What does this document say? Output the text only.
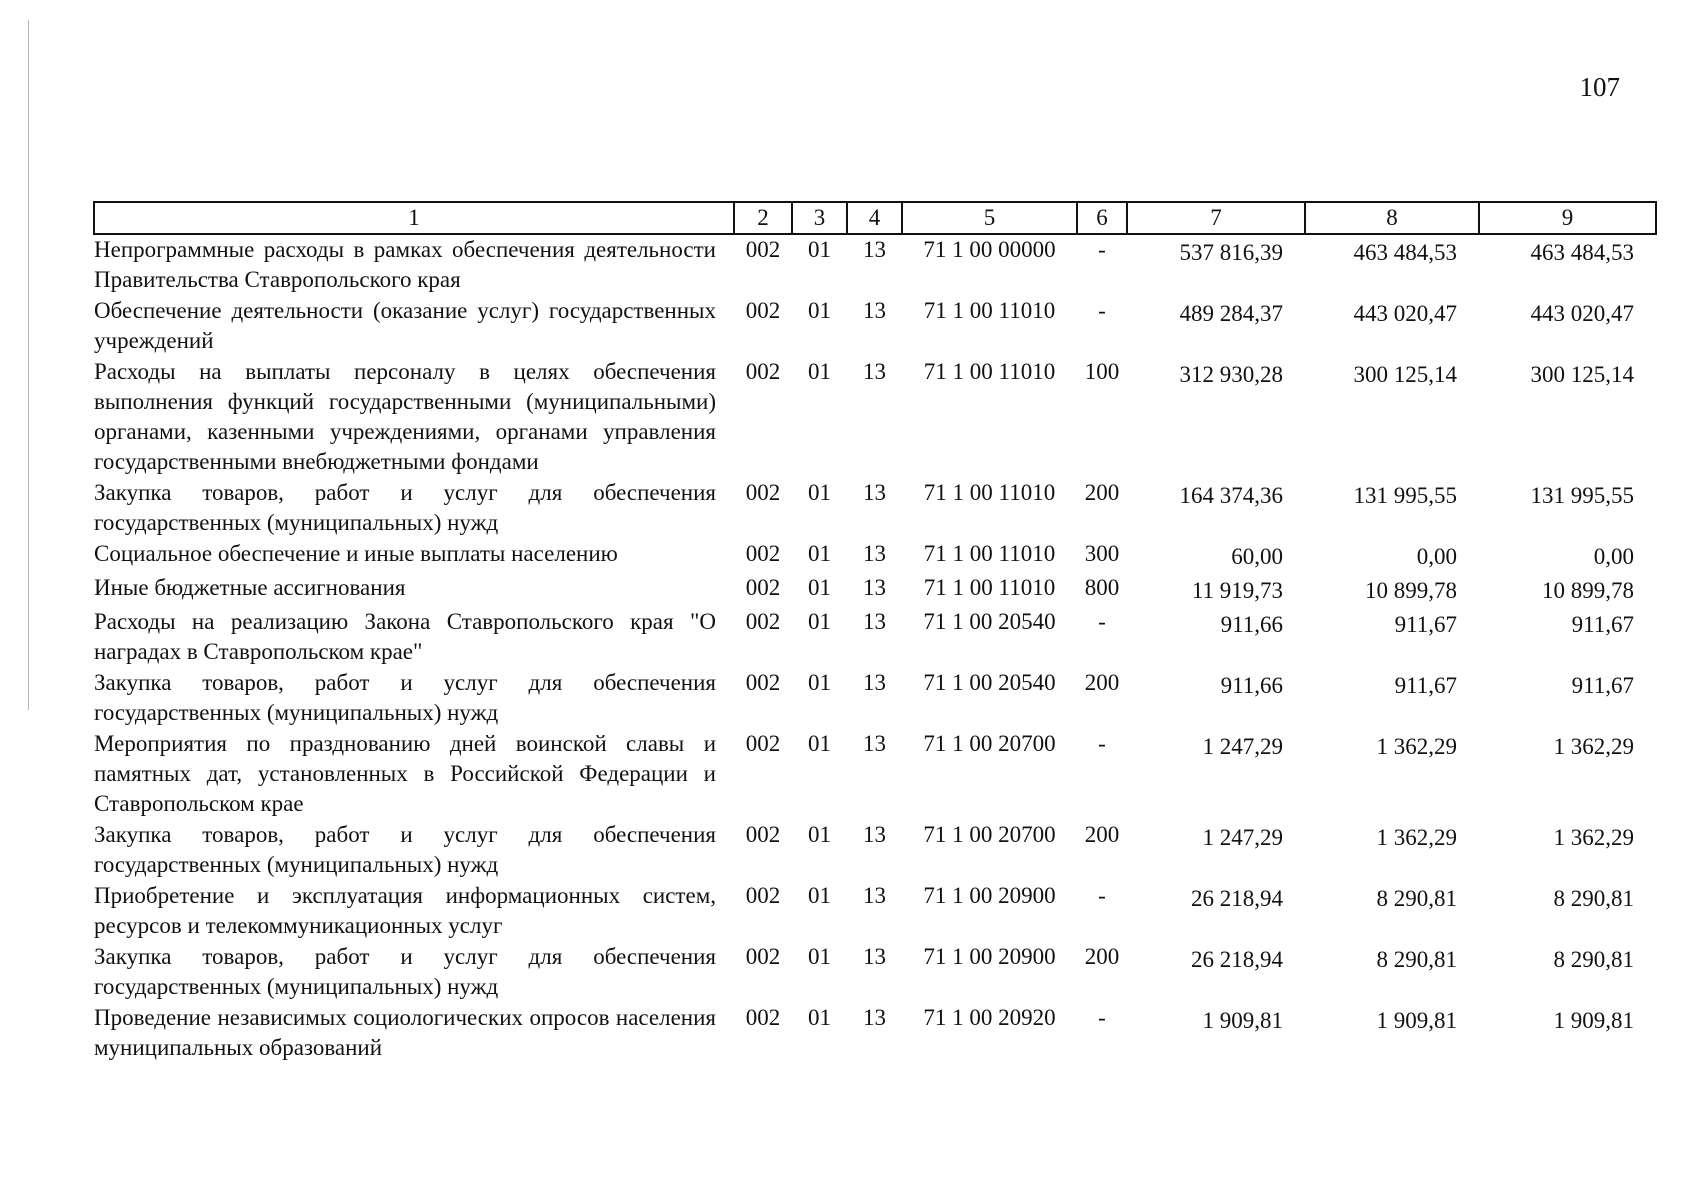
107
1	2	3	4	5	6	7	8	9
Непрограммные расходы в рамках обеспечения деятельности Правительства Ставропольского края	002	01	13	71 1 00 00000	-	537 816,39	463 484,53	463 484,53
Обеспечение деятельности (оказание услуг) государственных учреждений	002	01	13	71 1 00 11010	-	489 284,37	443 020,47	443 020,47
Расходы на выплаты персоналу в целях обеспечения выполнения функций государственными (муниципальными) органами, казенными учреждениями, органами управления государственными внебюджетными фондами	002	01	13	71 1 00 11010	100	312 930,28	300 125,14	300 125,14
Закупка товаров, работ и услуг для обеспечения государственных (муниципальных) нужд	002	01	13	71 1 00 11010	200	164 374,36	131 995,55	131 995,55
Социальное обеспечение и иные выплаты населению	002	01	13	71 1 00 11010	300	60,00	0,00	0,00
Иные бюджетные ассигнования	002	01	13	71 1 00 11010	800	11 919,73	10 899,78	10 899,78
Расходы на реализацию Закона Ставропольского края "О наградах в Ставропольском крае"	002	01	13	71 1 00 20540	-	911,66	911,67	911,67
Закупка товаров, работ и услуг для обеспечения государственных (муниципальных) нужд	002	01	13	71 1 00 20540	200	911,66	911,67	911,67
Мероприятия по празднованию дней воинской славы и памятных дат, установленных в Российской Федерации и Ставропольском крае	002	01	13	71 1 00 20700	-	1 247,29	1 362,29	1 362,29
Закупка товаров, работ и услуг для обеспечения государственных (муниципальных) нужд	002	01	13	71 1 00 20700	200	1 247,29	1 362,29	1 362,29
Приобретение и эксплуатация информационных систем, ресурсов и телекоммуникационных услуг	002	01	13	71 1 00 20900	-	26 218,94	8 290,81	8 290,81
Закупка товаров, работ и услуг для обеспечения государственных (муниципальных) нужд	002	01	13	71 1 00 20900	200	26 218,94	8 290,81	8 290,81
Проведение независимых социологических опросов населения муниципальных образований	002	01	13	71 1 00 20920	-	1 909,81	1 909,81	1 909,81
